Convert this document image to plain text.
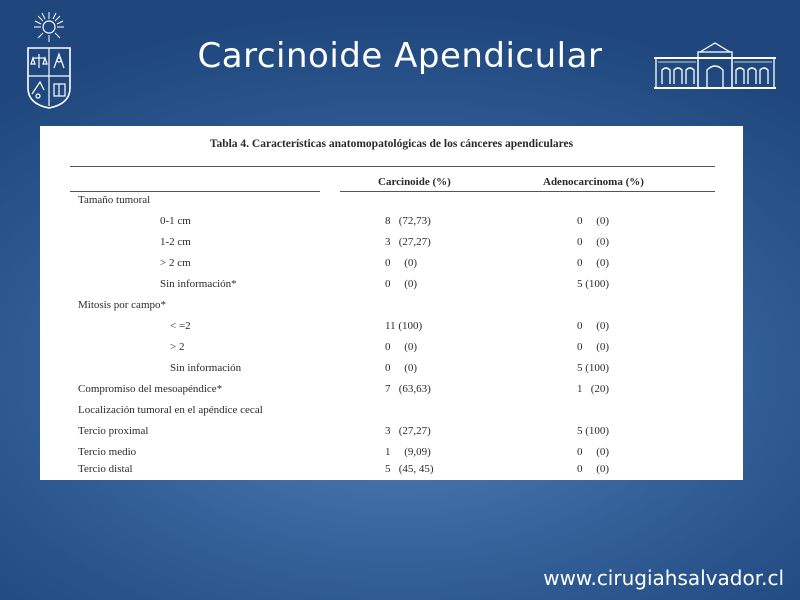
Carcinoide Apendicular
Tabla 4. Características anatomopatológicas de los cánceres apendiculares
Carcinoide (%)	Adenocarcinoma (%)
Tamaño tumoral
0-1 cm	8   (72,73)	0     (0)
1-2 cm	3   (27,27)	0     (0)
> 2 cm	0     (0)	0     (0)
Sin información*	0     (0)	5 (100)
Mitosis por campo*
< =2	11 (100)	0     (0)
> 2	0     (0)	0     (0)
Sin información	0     (0)	5 (100)
Compromiso del mesoapéndice*	7   (63,63)	1   (20)
Localización tumoral en el apéndice cecal
Tercio proximal	3   (27,27)	5 (100)
Tercio medio	1     (9,09)	0     (0)
Tercio distal	5   (45, 45)	0     (0)
www.cirugiahsalvador.cl
